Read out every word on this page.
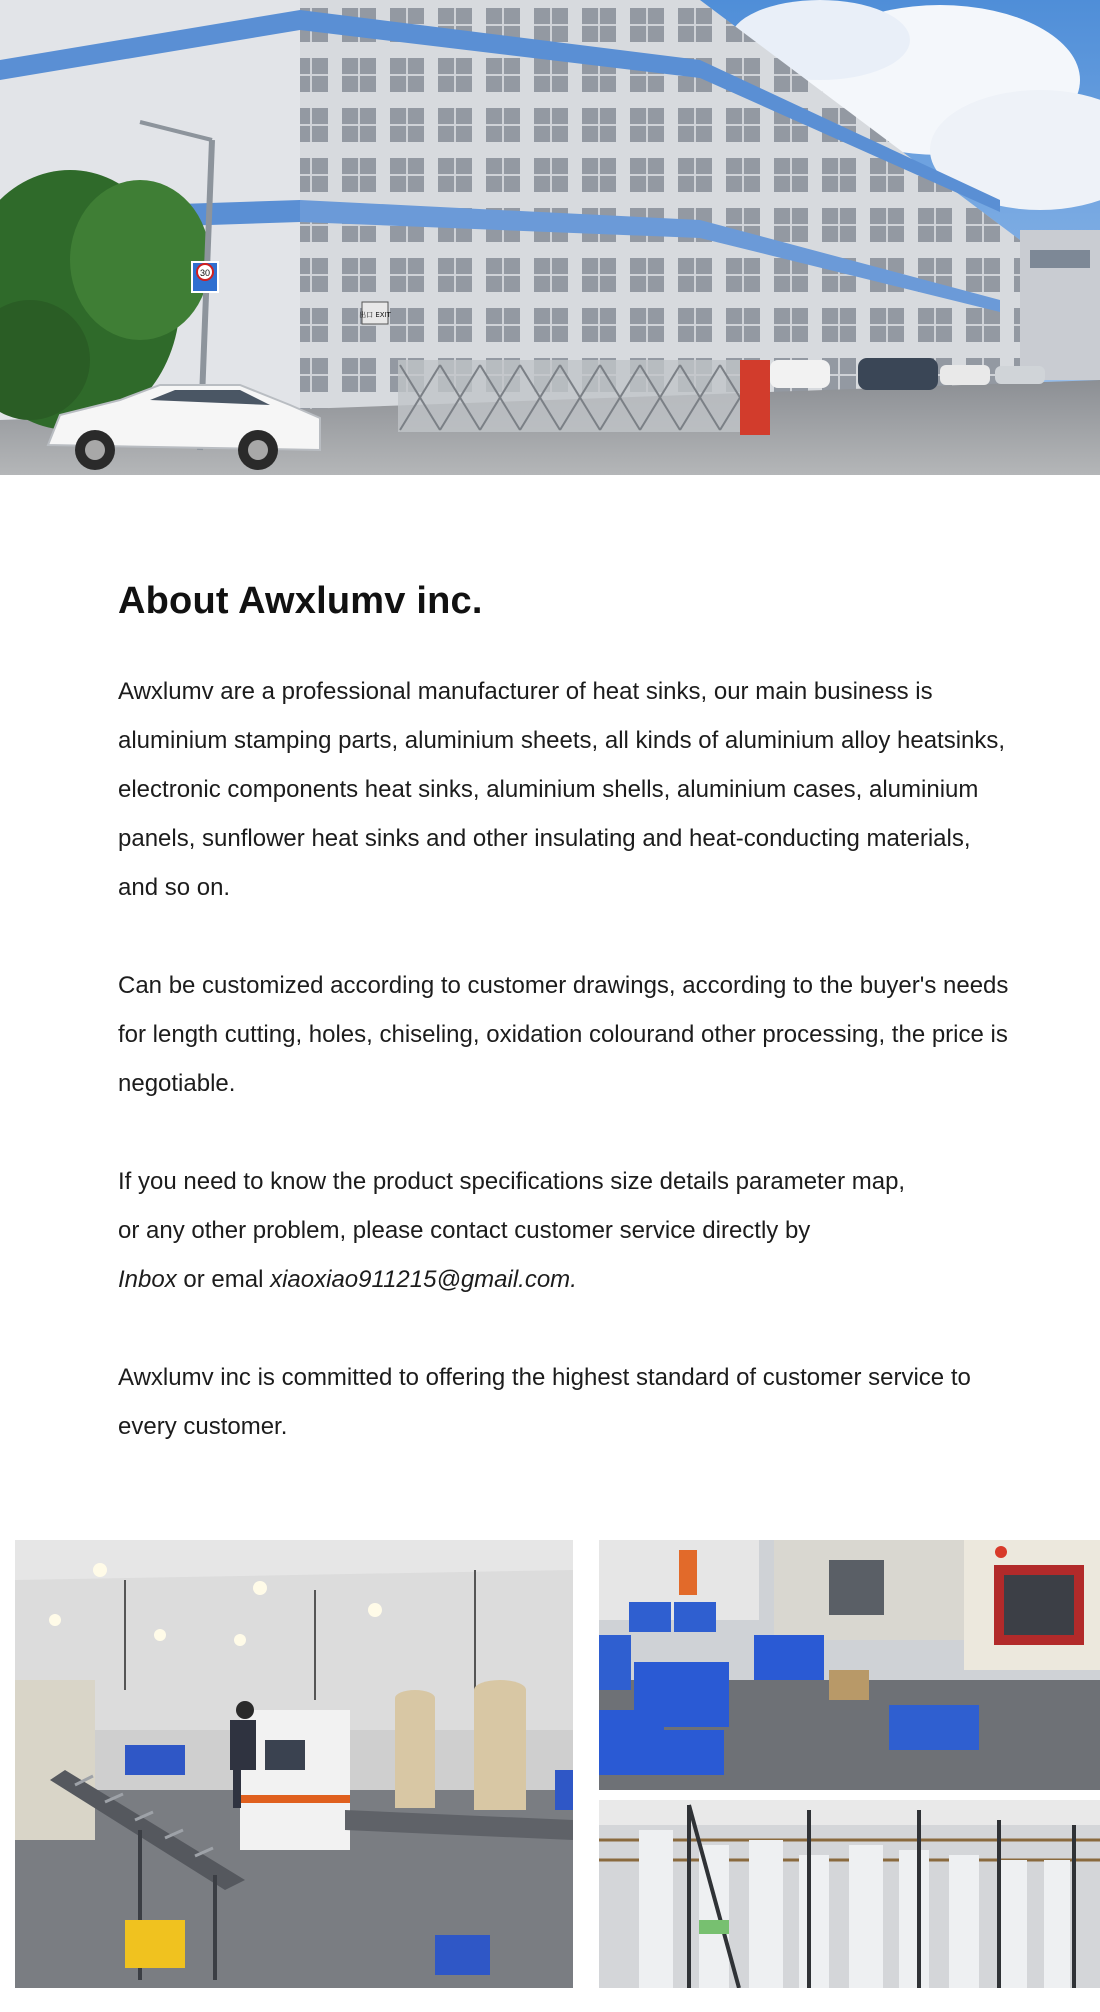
30
出口 EXIT
About Awxlumv inc.

Awxlumv are a professional manufacturer of heat sinks, our main business is
aluminium stamping parts, aluminium sheets, all kinds of aluminium alloy heatsinks,
electronic components heat sinks, aluminium shells, aluminium cases, aluminium
panels, sunflower heat sinks and other insulating and heat-conducting materials,
and so on.

Can be customized according to customer drawings, according to the buyer's needs
for length cutting, holes, chiseling, oxidation colourand other processing, the price is
negotiable.

If you need to know the product specifications size details parameter map,
or any other problem, please contact customer service directly by
Inbox or emal xiaoxiao911215@gmail.com.

Awxlumv inc is committed to offering the highest standard of customer service to
every customer.
